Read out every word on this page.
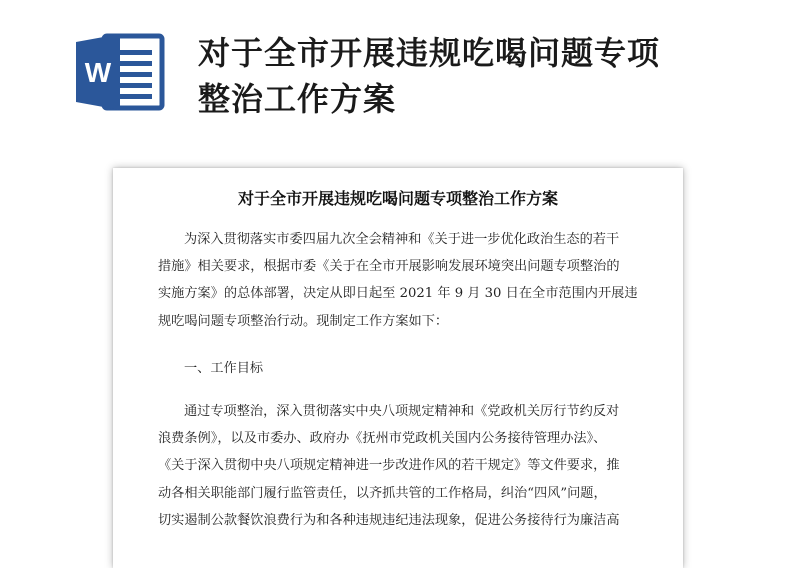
W
对于全市开展违规吃喝问题专项
整治工作方案
对于全市开展违规吃喝问题专项整治工作方案
为深入贯彻落实市委四届九次全会精神和《关于进一步优化政治生态的若干
措施》相关要求，根据市委《关于在全市开展影响发展环境突出问题专项整治的
实施方案》的总体部署，决定从即日起至 2021 年 9 月 30 日在全市范围内开展违
规吃喝问题专项整治行动。现制定工作方案如下：
一、工作目标
通过专项整治，深入贯彻落实中央八项规定精神和《党政机关厉行节约反对
浪费条例》，以及市委办、政府办《抚州市党政机关国内公务接待管理办法》、
《关于深入贯彻中央八项规定精神进一步改进作风的若干规定》等文件要求，推
动各相关职能部门履行监管责任，以齐抓共管的工作格局，纠治“四风”问题，
切实遏制公款餐饮浪费行为和各种违规违纪违法现象，促进公务接待行为廉洁高
